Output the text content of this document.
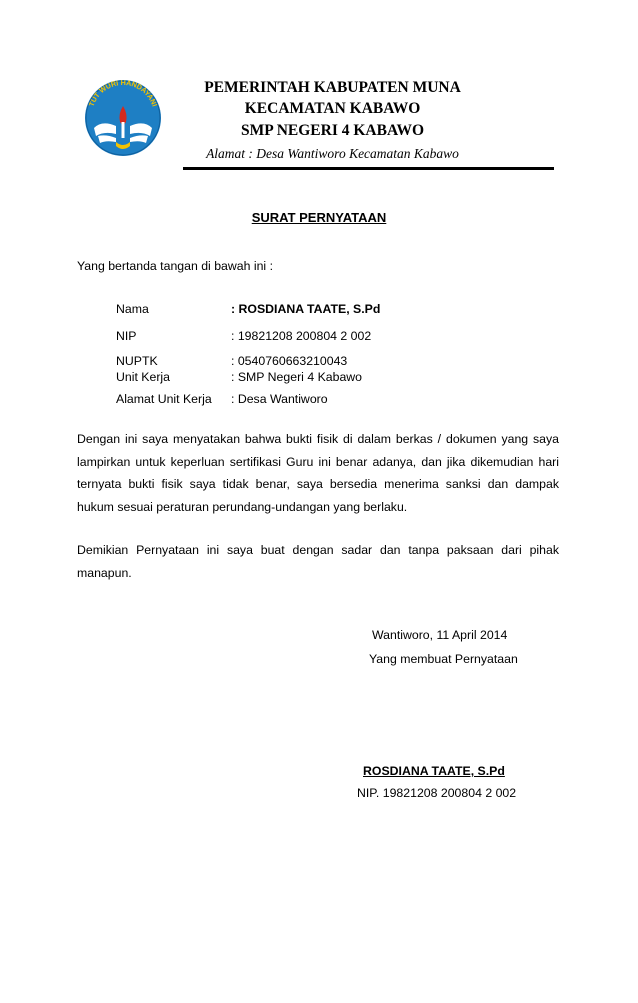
TUT WURI HANDAYANI
PEMERINTAH KABUPATEN MUNA
KECAMATAN KABAWO
SMP NEGERI 4 KABAWO
Alamat : Desa Wantiworo Kecamatan Kabawo
SURAT PERNYATAAN
Yang bertanda tangan di bawah ini :
Nama	: ROSDIANA TAATE, S.Pd
NIP	: 19821208 200804 2 002
NUPTK	: 0540760663210043
Unit Kerja	: SMP Negeri 4 Kabawo
Alamat Unit Kerja : Desa Wantiworo
Dengan ini saya menyatakan bahwa bukti fisik di dalam berkas / dokumen yang saya lampirkan untuk keperluan sertifikasi Guru ini benar adanya, dan jika dikemudian hari ternyata bukti fisik saya tidak benar, saya bersedia menerima sanksi dan dampak hukum sesuai peraturan perundang-undangan yang berlaku.
Demikian Pernyataan ini saya buat dengan sadar dan tanpa paksaan dari pihak manapun.
Wantiworo, 11 April 2014
Yang membuat Pernyataan
ROSDIANA TAATE, S.Pd
NIP. 19821208 200804 2 002
